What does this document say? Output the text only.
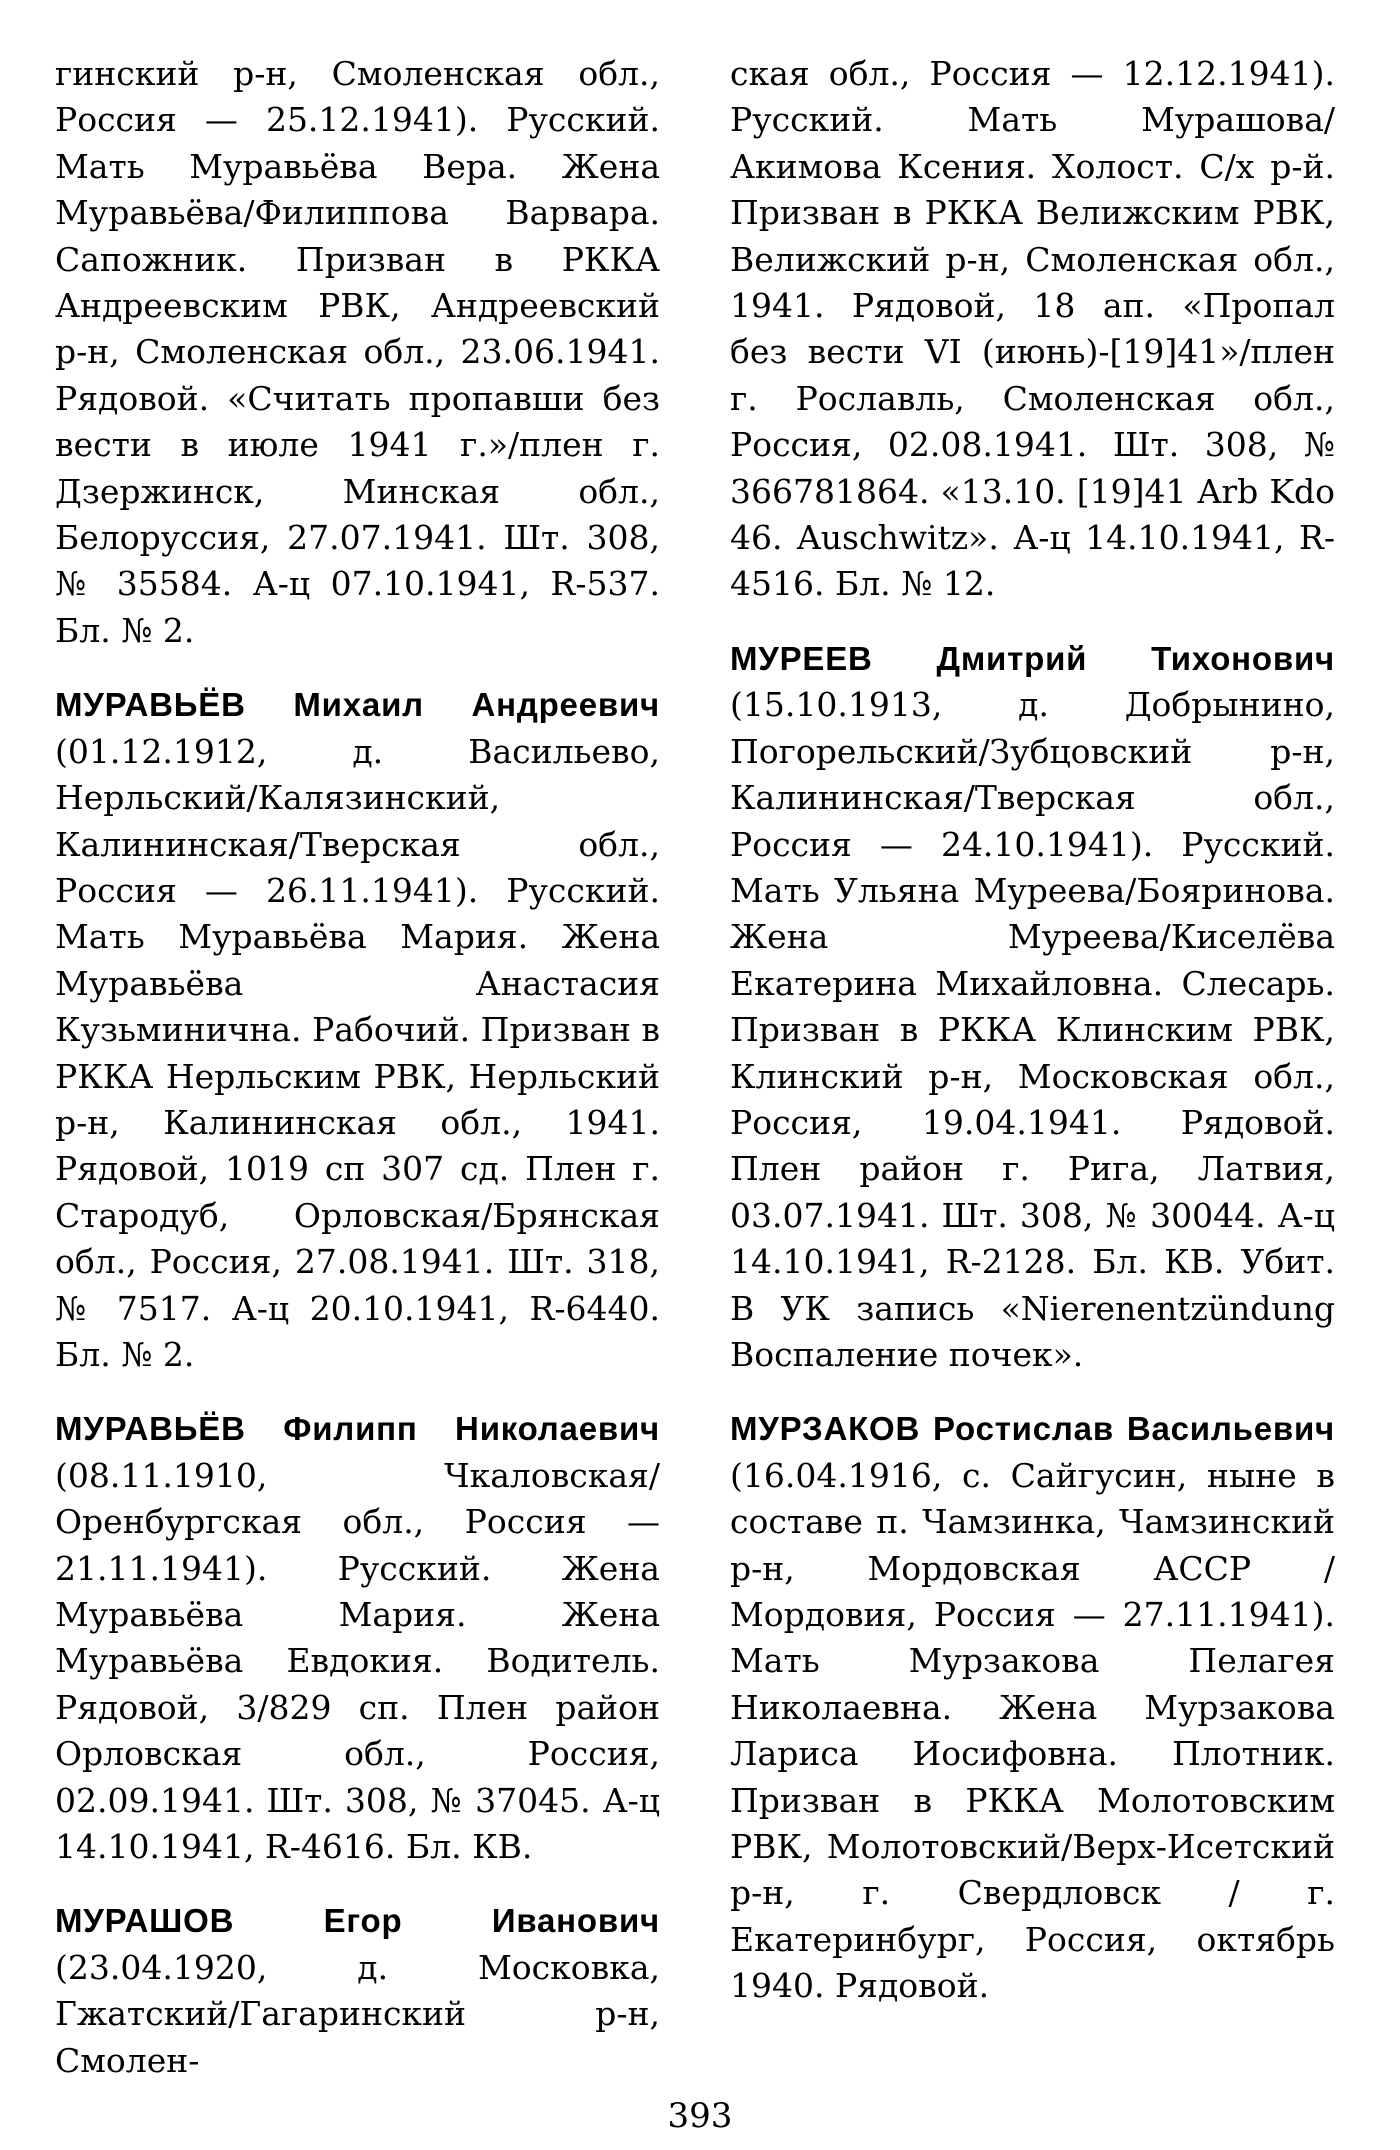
гинский р-н, Смоленская обл., Россия — 25.12.1941). Русский. Мать Муравьёва Вера. Жена Муравьёва/Филиппова Варвара. Сапожник. Призван в РККА Андреевским РВК, Андреевский р-н, Смоленская обл., 23.06.1941. Рядовой. «Считать пропавши без вести в июле 1941 г.»/плен г. Дзержинск, Минская обл., Белоруссия, 27.07.1941. Шт. 308, № 35584. А-ц 07.10.1941, R-537. Бл. № 2.

МУРАВЬЁВ Михаил Андреевич (01.12.1912, д. Васильево, Нерльский/Калязинский, Калининская/Тверская обл., Россия — 26.11.1941). Русский. Мать Муравьёва Мария. Жена Муравьёва Анастасия Кузьминична. Рабочий. Призван в РККА Нерльским РВК, Нерльский р-н, Калининская обл., 1941. Рядовой, 1019 сп 307 сд. Плен г. Стародуб, Орловская/Брянская обл., Россия, 27.08.1941. Шт. 318, № 7517. А-ц 20.10.1941, R-6440. Бл. № 2.

МУРАВЬЁВ Филипп Николаевич (08.11.1910, Чкаловская/Оренбургская обл., Россия — 21.11.1941). Русский. Жена Муравьёва Мария. Жена Муравьёва Евдокия. Водитель. Рядовой, 3/829 сп. Плен район Орловская обл., Россия, 02.09.1941. Шт. 308, № 37045. А-ц 14.10.1941, R-4616. Бл. КВ.

МУРАШОВ Егор Иванович (23.04.1920, д. Московка, Гжатский/Гагаринский р-н, Смолен-

ская обл., Россия — 12.12.1941). Русский. Мать Мурашова/Акимова Ксения. Холост. С/х р-й. Призван в РККА Велижским РВК, Велижский р-н, Смоленская обл., 1941. Рядовой, 18 ап. «Пропал без вести VI (июнь)-[19]41»/плен г. Рославль, Смоленская обл., Россия, 02.08.1941. Шт. 308, № 366781864. «13.10. [19]41 Arb Kdo 46. Auschwitz». А-ц 14.10.1941, R-4516. Бл. № 12.

МУРЕЕВ Дмитрий Тихонович (15.10.1913, д. Добрынино, Погорельский/Зубцовский р-н, Калининская/Тверская обл., Россия — 24.10.1941). Русский. Мать Ульяна Муреева/Бояринова. Жена Муреева/Киселёва Екатерина Михайловна. Слесарь. Призван в РККА Клинским РВК, Клинский р-н, Московская обл., Россия, 19.04.1941. Рядовой. Плен район г. Рига, Латвия, 03.07.1941. Шт. 308, № 30044. А-ц 14.10.1941, R-2128. Бл. КВ. Убит. В УК запись «Nierenentzündung Воспаление почек».

МУРЗАКОВ Ростислав Васильевич (16.04.1916, с. Сайгусин, ныне в составе п. Чамзинка, Чамзинский р-н, Мордовская АССР / Мордовия, Россия — 27.11.1941). Мать Мурзакова Пелагея Николаевна. Жена Мурзакова Лариса Иосифовна. Плотник. Призван в РККА Молотовским РВК, Молотовский/Верх-Исетский р-н, г. Свердловск / г. Екатеринбург, Россия, октябрь 1940. Рядовой.

393
